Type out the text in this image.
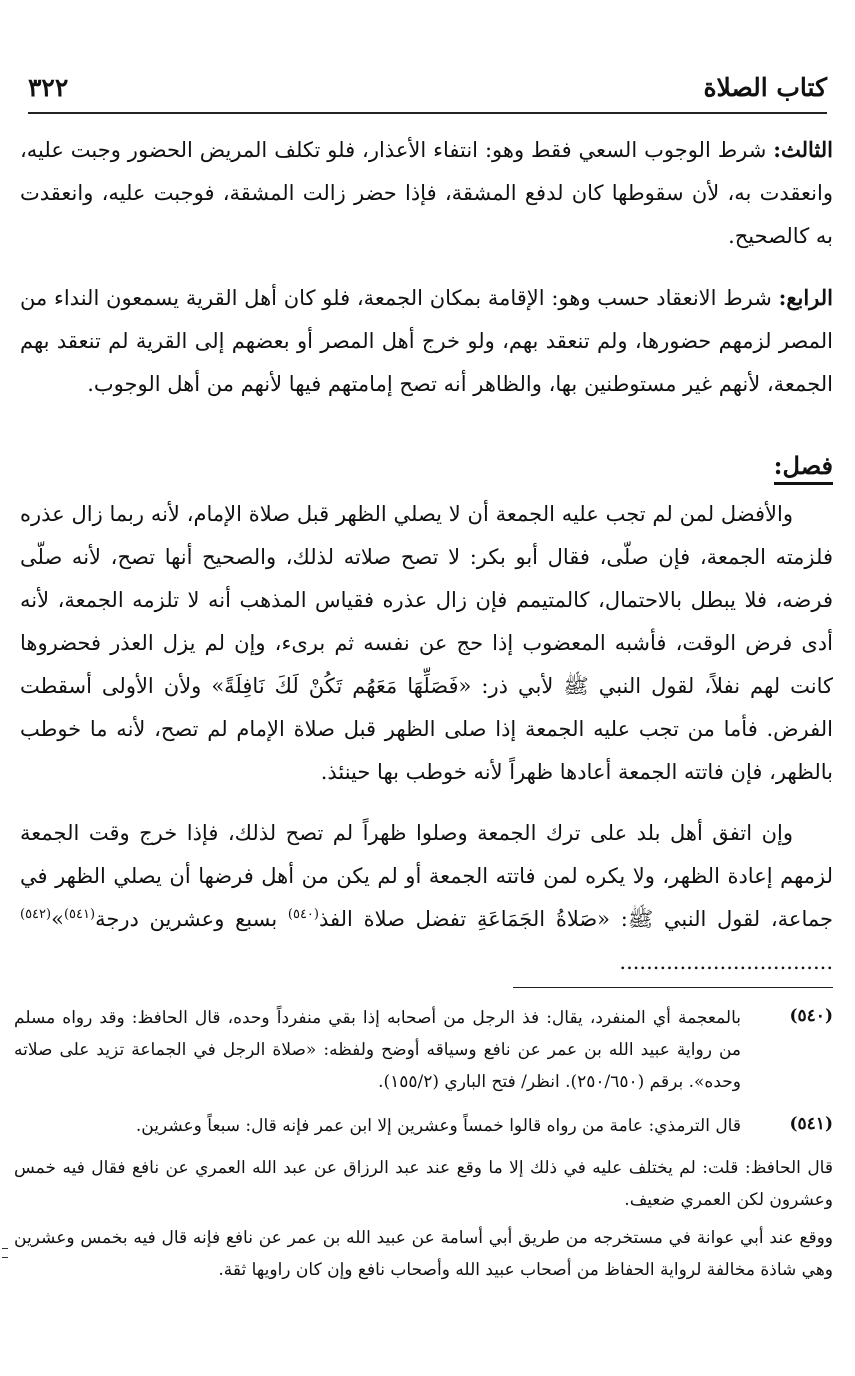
كتاب الصلاة
٣٢٢

الثالث: شرط الوجوب السعي فقط وهو: انتفاء الأعذار، فلو تكلف المريض الحضور وجبت عليه، وانعقدت به، لأن سقوطها كان لدفع المشقة، فإذا حضر زالت المشقة، فوجبت عليه، وانعقدت به كالصحيح.

الرابع: شرط الانعقاد حسب وهو: الإقامة بمكان الجمعة، فلو كان أهل القرية يسمعون النداء من المصر لزمهم حضورها، ولم تنعقد بهم، ولو خرج أهل المصر أو بعضهم إلى القرية لم تنعقد بهم الجمعة، لأنهم غير مستوطنين بها، والظاهر أنه تصح إمامتهم فيها لأنهم من أهل الوجوب.

فصل:

والأفضل لمن لم تجب عليه الجمعة أن لا يصلي الظهر قبل صلاة الإمام، لأنه ربما زال عذره فلزمته الجمعة، فإن صلّى، فقال أبو بكر: لا تصح صلاته لذلك، والصحيح أنها تصح، لأنه صلّى فرضه، فلا يبطل بالاحتمال، كالمتيمم فإن زال عذره فقياس المذهب أنه لا تلزمه الجمعة، لأنه أدى فرض الوقت، فأشبه المعضوب إذا حج عن نفسه ثم برىء، وإن لم يزل العذر فحضروها كانت لهم نفلاً، لقول النبي ﷺ لأبي ذر: «فَصَلِّهَا مَعَهُم تَكُنْ لَكَ نَافِلَةً» ولأن الأولى أسقطت الفرض. فأما من تجب عليه الجمعة إذا صلى الظهر قبل صلاة الإمام لم تصح، لأنه ما خوطب بالظهر، فإن فاتته الجمعة أعادها ظهراً لأنه خوطب بها حينئذ.

وإن اتفق أهل بلد على ترك الجمعة وصلوا ظهراً لم تصح لذلك، فإذا خرج وقت الجمعة لزمهم إعادة الظهر، ولا يكره لمن فاتته الجمعة أو لم يكن من أهل فرضها أن يصلي الظهر في جماعة، لقول النبي ﷺ: «صَلاةُ الجَمَاعَةِ تفضل صلاة الفذ$^{(٥٤٠)}$ بسبع وعشرين درجة$^{(٥٤١)}$»$^{(٥٤٢)}$ ................................

(٥٤٠)
بالمعجمة أي المنفرد، يقال: فذ الرجل من أصحابه إذا بقي منفرداً وحده، قال الحافظ: وقد رواه مسلم من رواية عبيد الله بن عمر عن نافع وسياقه أوضح ولفظه: «صلاة الرجل في الجماعة تزيد على صلاته وحده». برقم (٢٥٠/٦٥٠). انظر/ فتح الباري (١٥٥/٢).
(٥٤١)
قال الترمذي: عامة من رواه قالوا خمساً وعشرين إلا ابن عمر فإنه قال: سبعاً وعشرين.
قال الحافظ: قلت: لم يختلف عليه في ذلك إلا ما وقع عند عبد الرزاق عن عبد الله العمري عن نافع فقال فيه خمس وعشرون لكن العمري ضعيف.
ووقع عند أبي عوانة في مستخرجه من طريق أبي أسامة عن عبيد الله بن عمر عن نافع فإنه قال فيه بخمس وعشرين وهي شاذة مخالفة لرواية الحفاظ من أصحاب عبيد الله وأصحاب نافع وإن كان راويها ثقة.
